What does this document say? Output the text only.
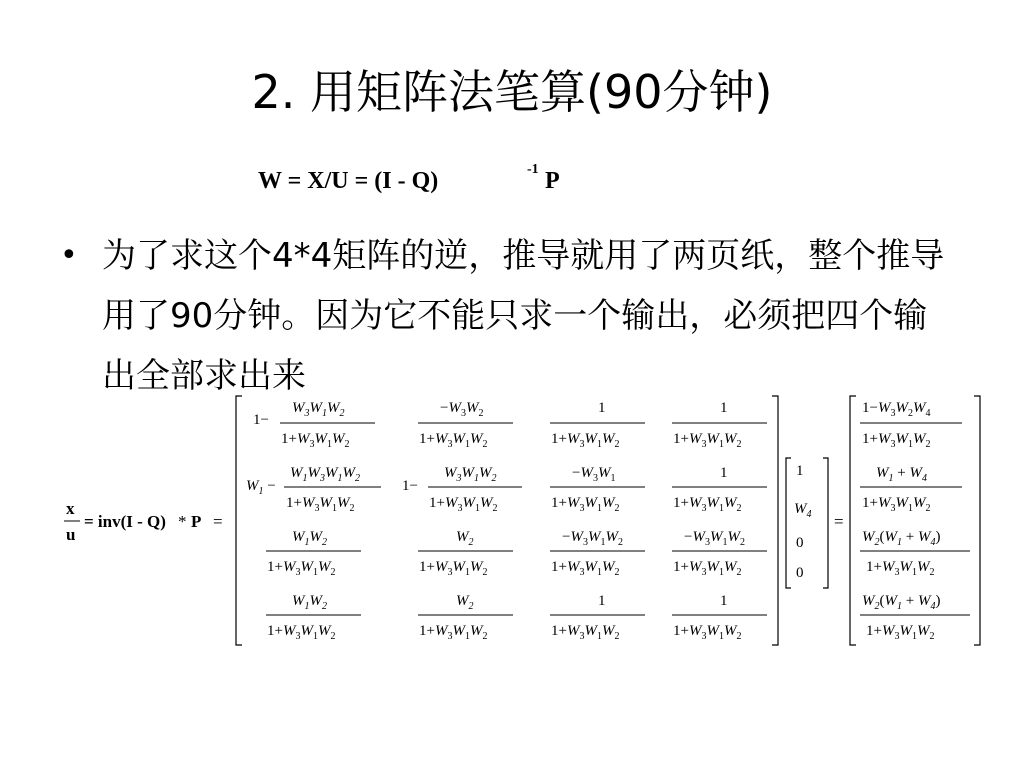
2. 用矩阵法笔算(90分钟)
• 为了求这个4*4矩阵的逆，推导就用了两页纸，整个推导用了90分钟。因为它不能只求一个输出，必须把四个输出全部求出来
W = X/U = (I - Q)	-1 P
x
u
= inv(I - Q) * P =
1−
$W_3W_1W_2$
$1+W_3W_1W_2$
$-W_3W_2$
$1+W_3W_1W_2$
1
$1+W_3W_1W_2$
1
$1+W_3W_1W_2$
$W_1$ −
$W_1W_3W_1W_2$
$1+W_3W_1W_2$
1−
$W_3W_1W_2$
$1+W_3W_1W_2$
$-W_3W_1$
$1+W_3W_1W_2$
1
$1+W_3W_1W_2$
$W_1W_2$
$1+W_3W_1W_2$
$W_2$
$1+W_3W_1W_2$
$-W_3W_1W_2$
$1+W_3W_1W_2$
$-W_3W_1W_2$
$1+W_3W_1W_2$
$W_1W_2$
$1+W_3W_1W_2$
$W_2$
$1+W_3W_1W_2$
1
$1+W_3W_1W_2$
1
$1+W_3W_1W_2$
1
$W_4$
0
0
=
$1-W_3W_2W_4$
$1+W_3W_1W_2$
$W_1 + W_4$
$1+W_3W_1W_2$
$W_2(W_1 + W_4)$
$1+W_3W_1W_2$
$W_2(W_1 + W_4)$
$1+W_3W_1W_2$
